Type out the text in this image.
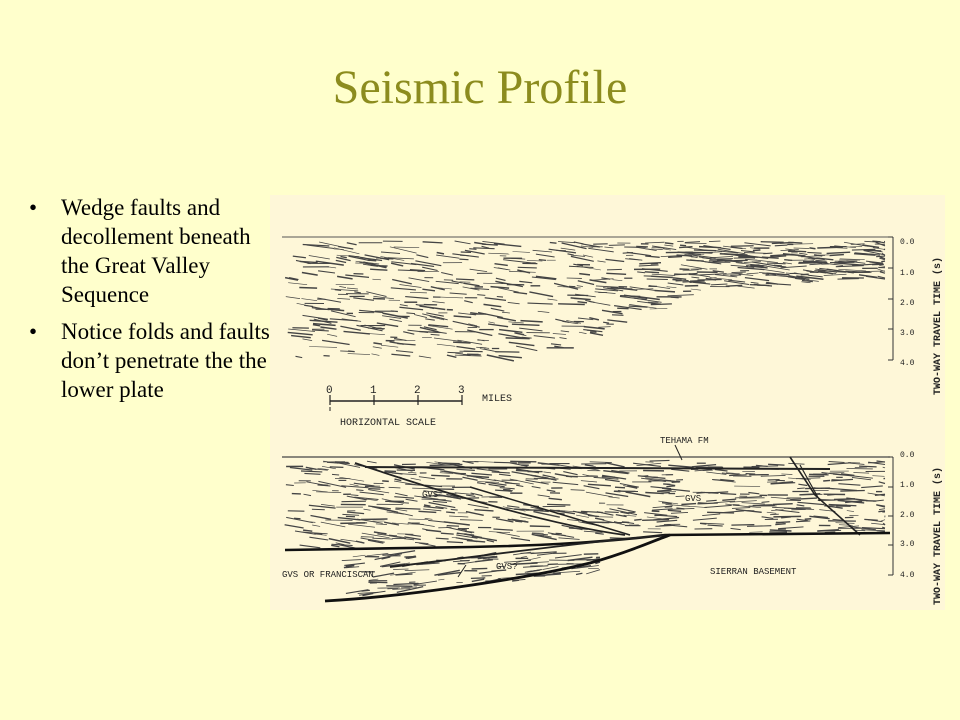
Seismic Profile
• Wedge faults and decollement beneath the Great Valley Sequence
• Notice folds and faults don’t penetrate the the lower plate
0.0
1.0
2.0
3.0
4.0 TWO-WAY TRAVEL TIME (s)
0	1	2	3
MILES
HORIZONTAL SCALE
TEHAMA FM
GVS	GVS
GVS?
GVS OR FRANCISCAN	SIERRAN BASEMENT
0.0
1.0
2.0
3.0
4.0 TWO-WAY TRAVEL TIME (s)
